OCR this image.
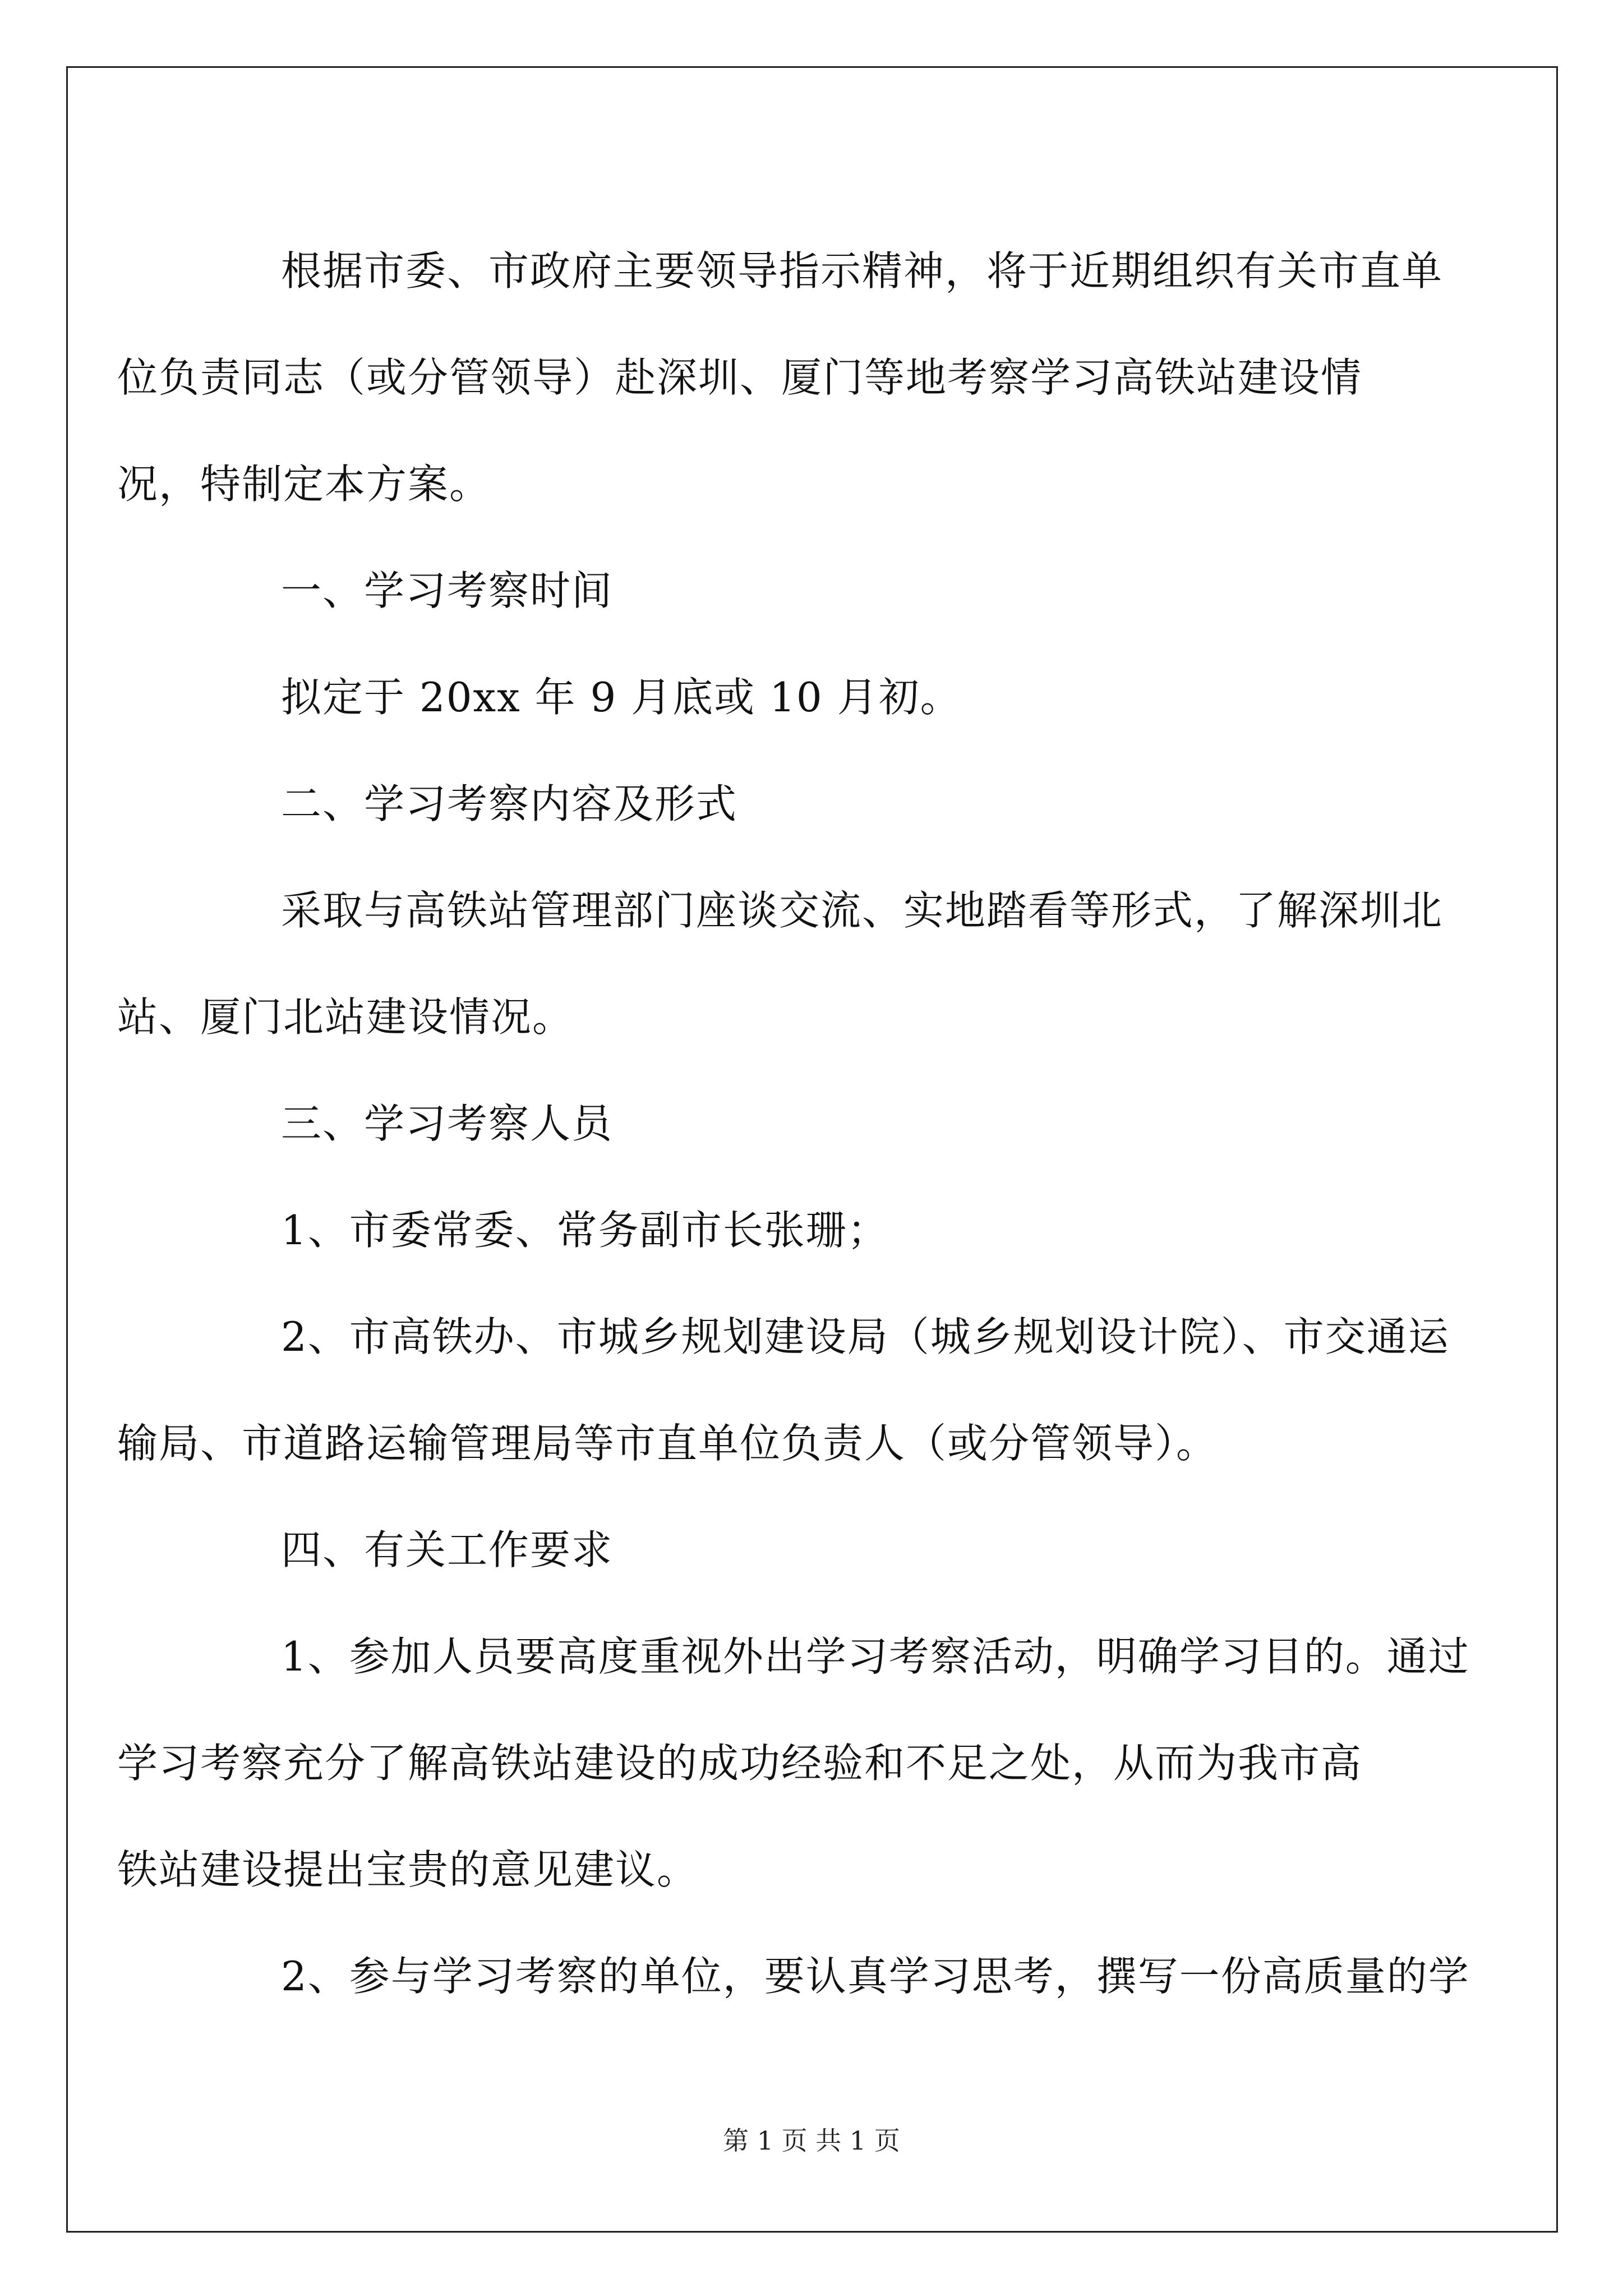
根据市委、市政府主要领导指示精神，将于近期组织有关市直单
位负责同志（或分管领导）赴深圳、厦门等地考察学习高铁站建设情
况，特制定本方案。

一、学习考察时间

拟定于 20xx 年 9 月底或 10 月初。

二、学习考察内容及形式

采取与高铁站管理部门座谈交流、实地踏看等形式，了解深圳北
站、厦门北站建设情况。

三、学习考察人员

1、市委常委、常务副市长张珊；

2、市高铁办、市城乡规划建设局（城乡规划设计院）、市交通运
输局、市道路运输管理局等市直单位负责人（或分管领导）。

四、有关工作要求

1、参加人员要高度重视外出学习考察活动，明确学习目的。通过
学习考察充分了解高铁站建设的成功经验和不足之处，从而为我市高
铁站建设提出宝贵的意见建议。

2、参与学习考察的单位，要认真学习思考，撰写一份高质量的学

第 1 页 共 1 页
